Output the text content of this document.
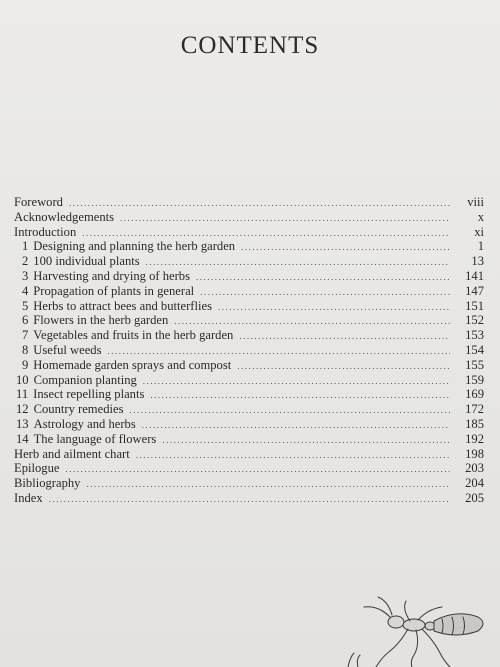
CONTENTS
Foreword .....	viii
Acknowledgements .....	x
Introduction .....	xi
1 Designing and planning the herb garden .....	1
2 100 individual plants .....	13
3 Harvesting and drying of herbs .....	141
4 Propagation of plants in general .....	147
5 Herbs to attract bees and butterflies .....	151
6 Flowers in the herb garden .....	152
7 Vegetables and fruits in the herb garden .....	153
8 Useful weeds .....	154
9 Homemade garden sprays and compost .....	155
10 Companion planting .....	159
11 Insect repelling plants .....	169
12 Country remedies .....	172
13 Astrology and herbs .....	185
14 The language of flowers .....	192
Herb and ailment chart .....	198
Epilogue .....	203
Bibliography .....	204
Index .....	205
